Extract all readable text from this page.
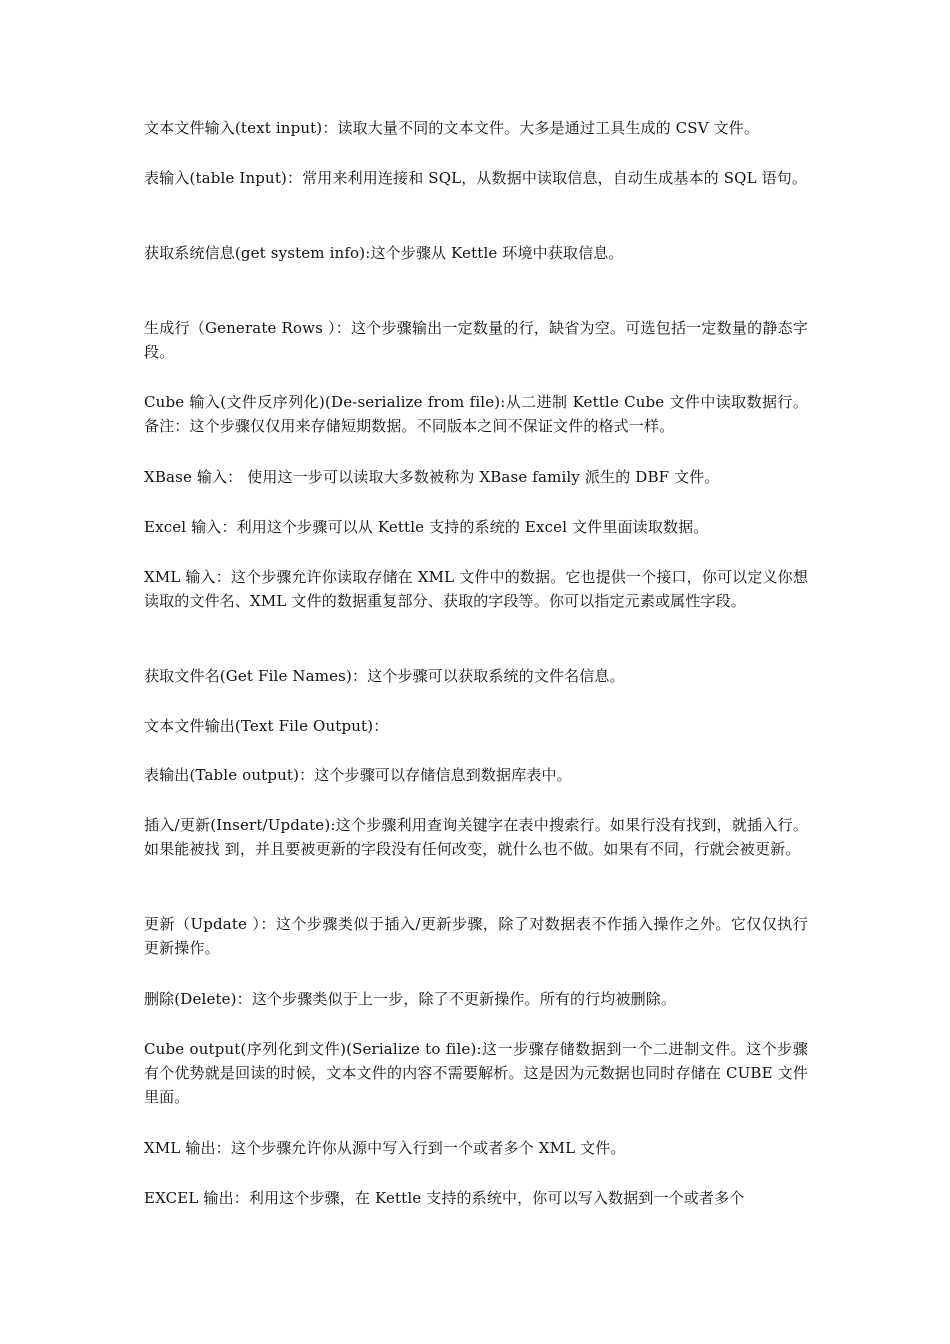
文本文件输入(text input)：读取大量不同的文本文件。大多是通过工具生成的 CSV 文件。

表输入(table Input)：常用来利用连接和 SQL，从数据中读取信息，自动生成基本的 SQL 语句。

获取系统信息(get system info):这个步骤从 Kettle 环境中获取信息。

生成行（Generate Rows ）：这个步骤输出一定数量的行，缺省为空。可选包括一定数量的静态字段。

Cube 输入(文件反序列化)(De-serialize from file):从二进制 Kettle Cube 文件中读取数据行。备注：这个步骤仅仅用来存储短期数据。不同版本之间不保证文件的格式一样。

XBase 输入： 使用这一步可以读取大多数被称为 XBase family 派生的 DBF 文件。

Excel 输入：利用这个步骤可以从 Kettle 支持的系统的 Excel 文件里面读取数据。

XML 输入：这个步骤允许你读取存储在 XML 文件中的数据。它也提供一个接口，你可以定义你想读取的文件名、XML 文件的数据重复部分、获取的字段等。你可以指定元素或属性字段。

获取文件名(Get File Names)：这个步骤可以获取系统的文件名信息。

文本文件输出(Text File Output)：

表输出(Table output)：这个步骤可以存储信息到数据库表中。

插入/更新(Insert/Update):这个步骤利用查询关键字在表中搜索行。如果行没有找到，就插入行。如果能被找 到，并且要被更新的字段没有任何改变，就什么也不做。如果有不同，行就会被更新。

更新（Update ）：这个步骤类似于插入/更新步骤，除了对数据表不作插入操作之外。它仅仅执行更新操作。

删除(Delete)：这个步骤类似于上一步，除了不更新操作。所有的行均被删除。

Cube output(序列化到文件)(Serialize to file):这一步骤存储数据到一个二进制文件。这个步骤有个优势就是回读的时候，文本文件的内容不需要解析。这是因为元数据也同时存储在 CUBE 文件里面。

XML 输出：这个步骤允许你从源中写入行到一个或者多个 XML 文件。

EXCEL 输出：利用这个步骤，在 Kettle 支持的系统中，你可以写入数据到一个或者多个
